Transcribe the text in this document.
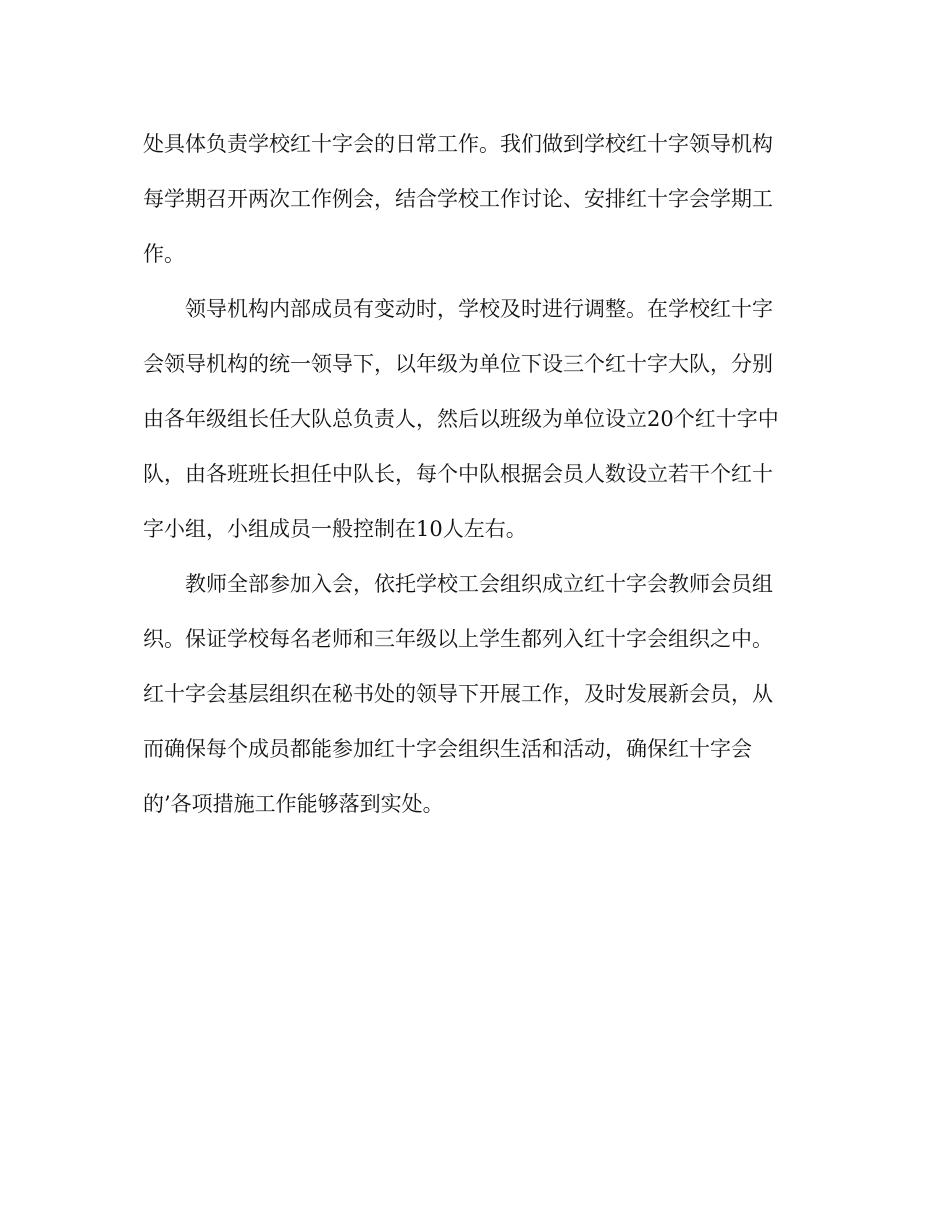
处具体负责学校红十字会的日常工作。我们做到学校红十字领导机构
每学期召开两次工作例会，结合学校工作讨论、安排红十字会学期工
作。
领导机构内部成员有变动时，学校及时进行调整。在学校红十字
会领导机构的统一领导下，以年级为单位下设三个红十字大队，分别
由各年级组长任大队总负责人，然后以班级为单位设立20个红十字中
队，由各班班长担任中队长，每个中队根据会员人数设立若干个红十
字小组，小组成员一般控制在10人左右。
教师全部参加入会，依托学校工会组织成立红十字会教师会员组
织。保证学校每名老师和三年级以上学生都列入红十字会组织之中。
红十字会基层组织在秘书处的领导下开展工作，及时发展新会员，从
而确保每个成员都能参加红十字会组织生活和活动，确保红十字会
的’各项措施工作能够落到实处。
